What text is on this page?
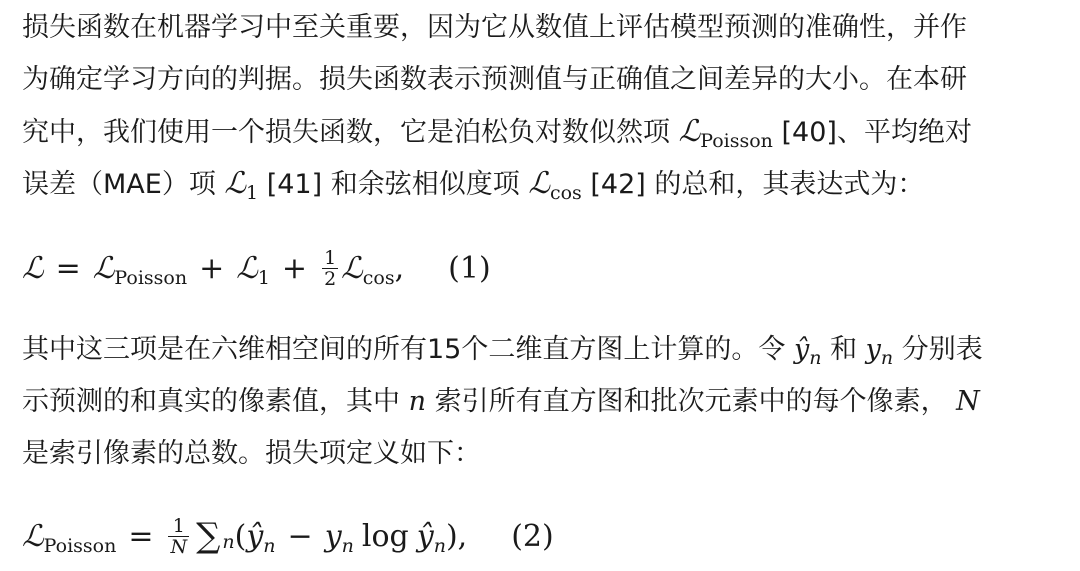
损失函数在机器学习中至关重要，因为它从数值上评估模型预测的准确性，并作
为确定学习方向的判据。损失函数表示预测值与正确值之间差异的大小。在本研
究中，我们使用一个损失函数，它是泊松负对数似然项 ℒ$_{Poisson}$ [40]、平均绝对
误差（MAE）项 ℒ$_1$ [41] 和余弦相似度项 ℒ$_{cos}$ [42] 的总和，其表达式为：
ℒ = ℒ$_{Poisson}$ + ℒ$_1$ + $\frac{1}{2}$ ℒ$_{cos}$ , (1)
其中这三项是在六维相空间的所有15个二维直方图上计算的。令 $ŷ_n$ 和 $y_n$ 分别表
示预测的和真实的像素值，其中 n 索引所有直方图和批次元素中的每个像素， N
是索引像素的总数。损失项定义如下：
ℒ$_{Poisson}$ = $\frac{1}{N}$ ∑ n ( $ŷ_n - y_n$ $\log ŷ_n$ ), (2)
